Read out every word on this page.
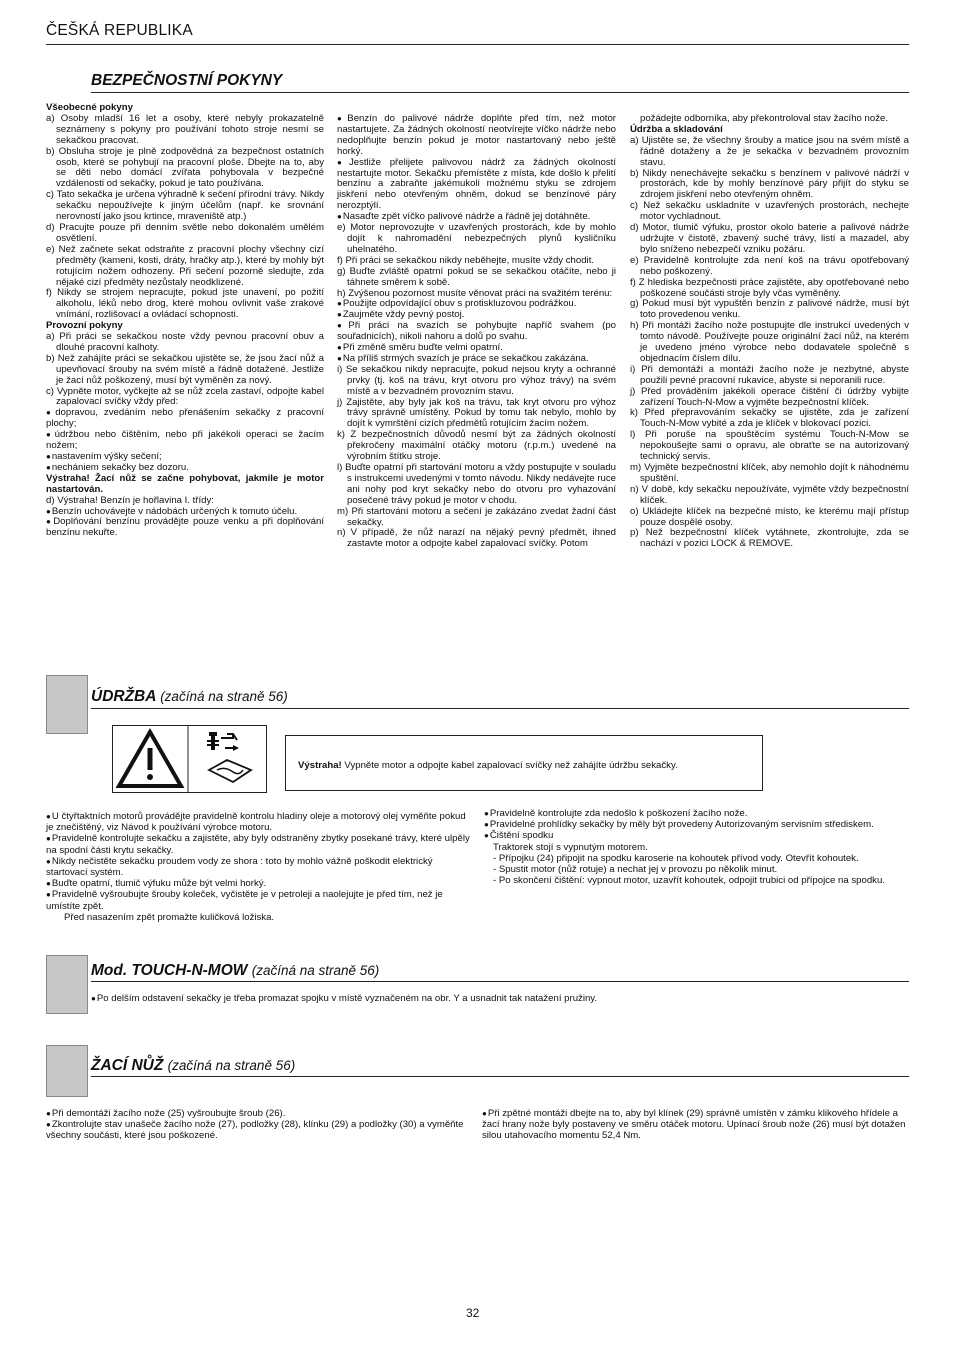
ČEŠKÁ REPUBLIKA
BEZPEČNOSTNÍ POKYNY

Všeobecné pokyny

a) Osoby mladší 16 let a osoby, které nebyly prokazatelně seznámeny s pokyny pro používání tohoto stroje nesmí se sekačkou pracovat.

b) Obsluha stroje je plně zodpovědná za bezpečnost ostatních osob, které se pohybují na pracovní ploše. Dbejte na to, aby se děti nebo domácí zvířata pohybovala v bezpečné vzdálenosti od sekačky, pokud je tato používána.

c) Tato sekačka je určena výhradně k sečení přírodní trávy. Nikdy sekačku nepoužívejte k jiným účelům (např. ke srovnání nerovností jako jsou krtince, mraveniště atp.)

d) Pracujte pouze při denním světle nebo dokonalém umělém osvětlení.

e) Než začnete sekat odstraňte z pracovní plochy všechny cizí předměty (kameni, kosti, dráty, hračky atp.), které by mohly být rotujícím nožem odhozeny. Při sečení pozorně sledujte, zda nějaké cizí předměty nezůstaly neodklizené.

f) Nikdy se strojem nepracujte, pokud jste unavení, po požití alkoholu, léků nebo drog, které mohou ovlivnit vaše zrakové vnímání, rozlišovací a ovládací schopnosti.

Provozní pokyny

a) Při práci se sekačkou noste vždy pevnou pracovní obuv a dlouhé pracovní kalhoty.

b) Než zahájíte práci se sekačkou ujistěte se, že jsou žací nůž a upevňovací šrouby na svém místě a řádně dotažené. Jestliže je žací nůž poškozený, musí být vyměněn za nový.

c) Vypněte motor, vyčkejte až se nůž zcela zastaví, odpojte kabel zapalovací svíčky vždy před:

● dopravou, zvedáním nebo přenášením sekačky z pracovní plochy;

● údržbou nebo čištěním, nebo při jakékoli operaci se žacím nožem;

● nastavením výšky sečení;

● nechániem sekačky bez dozoru.

Výstraha! Žací nůž se začne pohybovat, jakmile je motor nastartován.

d) Výstraha! Benzín je hořlavina I. třídy:

● Benzín uchovávejte v nádobách určených k tomuto účelu.

● Doplňování benzínu provádějte pouze venku a při doplňování benzínu nekuřte.

● Benzín do palivové nádrže doplňte před tím, než motor nastartujete. Za žádných okolností neotvírejte víčko nádrže nebo nedoplňujte benzín pokud je motor nastartovaný nebo ještě horký.

● Jestliže přelijete palivovou nádrž za žádných okolností nestartujte motor. Sekačku přemístěte z místa, kde došlo k přelití benzínu a zabraňte jakémukoli možnému styku se zdrojem jiskření nebo otevřeným ohněm, dokud se benzínové páry nerozptýlí.

● Nasaďte zpět víčko palivové nádrže a řádně jej dotáhněte.

e) Motor neprovozujte v uzavřených prostorách, kde by mohlo dojít k nahromadění nebezpečných plynů kysličníku uhelnatého.

f) Při práci se sekačkou nikdy neběhejte, musíte vždy chodit.

g) Buďte zvláště opatrní pokud se se sekačkou otáčíte, nebo ji táhnete směrem k sobě.

h) Zvýšenou pozornost musíte věnovat práci na svažitém terénu:

● Použijte odpovídající obuv s protiskluzovou podrážkou.

● Zaujměte vždy pevný postoj.

● Při práci na svazích se pohybujte napříč svahem (po souřadnicích), nikoli nahoru a dolů po svahu.

● Při změně směru buďte velmi opatrní.

● Na příliš strmých svazích je práce se sekačkou zakázána.

i) Se sekačkou nikdy nepracujte, pokud nejsou kryty a ochranné prvky (tj. koš na trávu, kryt otvoru pro výhoz trávy) na svém místě a v bezvadném provozním stavu.

j) Zajistěte, aby byly jak koš na trávu, tak kryt otvoru pro výhoz trávy správně umístěny. Pokud by tomu tak nebylo, mohlo by dojít k vymrštění cizích předmětů rotujícím žacím nožem.

k) Z bezpečnostních důvodů nesmí být za žádných okolností překročeny maximální otáčky motoru (r.p.m.) uvedené na výrobním štítku stroje.

l) Buďte opatrní při startování motoru a vždy postupujte v souladu s instrukcemi uvedenými v tomto návodu. Nikdy nedávejte ruce ani nohy pod kryt sekačky nebo do otvoru pro vyhazování posečené trávy pokud je motor v chodu.

m) Při startování motoru a sečení je zakázáno zvedat žadní část sekačky.

n) V případě, že nůž narazí na nějaký pevný předmět, ihned zastavte motor a odpojte kabel zapalovací svíčky. Potom

požádejte odborníka, aby překontroloval stav žacího nože.

Údržba a skladování

a) Ujistěte se, že všechny šrouby a matice jsou na svém místě a řádně dotaženy a že je sekačka v bezvadném provozním stavu.

b) Nikdy nenechávejte sekačku s benzínem v palivové nádrží v prostorách, kde by mohly benzínové páry přijít do styku se zdrojem jiskření nebo otevřeným ohněm.

c) Než sekačku uskladníte v uzavřených prostorách, nechejte motor vychladnout.

d) Motor, tlumič výfuku, prostor okolo baterie a palivové nádrže udržujte v čistotě, zbavený suché trávy, listí a mazadel, aby bylo sníženo nebezpečí vzniku požáru.

e) Pravidelně kontrolujte zda není koš na trávu opotřebovaný nebo poškozený.

f) Z hlediska bezpečnosti práce zajistěte, aby opotřebované nebo poškozené součásti stroje byly včas vyměněny.

g) Pokud musí být vypuštěn benzín z palivové nádrže, musí být toto provedenou venku.

h) Při montáži žacího nože postupujte dle instrukcí uvedených v tomto návodě. Používejte pouze originální žací nůž, na kterém je uvedeno jméno výrobce nebo dodavatele společně s objednacím číslem dílu.

i) Při demontáži a montáži žacího nože je nezbytné, abyste použili pevné pracovní rukavice, abyste si neporanili ruce.

j) Před prováděním jakékoli operace čištění či údržby vybijte zařízení Touch-N-Mow a vyjměte bezpečnostní klíček.

k) Před přepravováním sekačky se ujistěte, zda je zařízení Touch-N-Mow vybité a zda je klíček v blokovací pozici.

l) Při poruše na spouštěcím systému Touch-N-Mow se nepokoušejte sami o opravu, ale obraťte se na autorizovaný technický servis.

m) Vyjměte bezpečnostní klíček, aby nemohlo dojít k náhodnému spuštění.

n) V době, kdy sekačku nepoužíváte, vyjměte vždy bezpečnostní klíček.

o) Ukládejte klíček na bezpečné místo, ke kterému mají přístup pouze dospělé osoby.

p) Než bezpečnostní klíček vytáhnete, zkontrolujte, zda se nachází v pozici LOCK & REMOVE.

ÚDRŽBA (začíná na straně 56)
Výstraha! Vypněte motor a odpojte kabel zapalovací svíčky než zahájíte údržbu sekačky.

● U čtyřtaktních motorů provádějte pravidelně kontrolu hladiny oleje a motorový olej vyměňte pokud je znečištěný, viz Návod k používání výrobce motoru.

● Pravidelně kontrolujte sekačku a zajistěte, aby byly odstraněny zbytky posekané trávy, které ulpěly na spodní části krytu sekačky.

● Nikdy nečistěte sekačku proudem vody ze shora : toto by mohlo vážně poškodit elektrický startovací systém.

● Buďte opatrní, tlumič výfuku může být velmi horký.

● Pravidelně vyšroubujte šrouby koleček, vyčistěte je v petroleji a naolejujte je před tím, než je umístíte zpět.

Před nasazením zpět promažte kuličková ložiska.

● Pravidelně kontrolujte zda nedošlo k poškození žacího nože.

● Pravidelné prohlídky sekačky by měly být provedeny Autorizovaným servisním střediskem.

● Čištění spodku

Traktorek stojí s vypnutým motorem.

- Přípojku (24) připojit na spodku karoserie na kohoutek přívod vody. Otevřít kohoutek.

- Spustit motor (nůž rotuje) a nechat jej v provozu po několik minut.

- Po skončení čištění: vypnout motor, uzavřít kohoutek, odpojit trubici od přípojce na spodku.

Mod. TOUCH-N-MOW (začíná na straně 56)
● Po delším odstavení sekačky je třeba promazat spojku v místě vyznačeném na obr. Y a usnadnit tak natažení pružiny.
ŽACÍ NŮŽ (začíná na straně 56)

● Při demontáži žacího nože (25) vyšroubujte šroub (26).

● Zkontrolujte stav unašeče žacího nože (27), podložky (28), klínku (29) a podložky (30) a vyměňte všechny součásti, které jsou poškozené.

● Při zpětné montáži dbejte na to, aby byl klínek (29) správně umístěn v zámku klikového hřídele a žací hrany nože byly postaveny ve směru otáček motoru. Upínací šroub nože (26) musí být dotažen silou utahovacího momentu 52,4 Nm.

32
